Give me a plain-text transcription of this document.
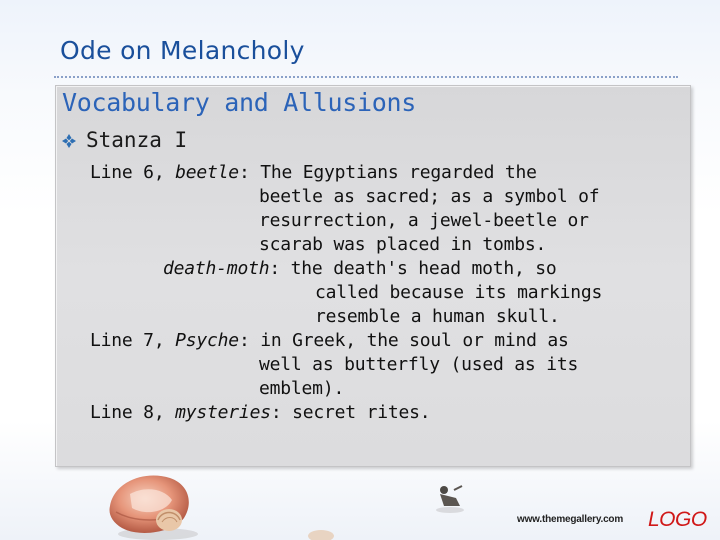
Ode on Melancholy
Vocabulary and Allusions
Stanza I
Line 6, beetle: The Egyptians regarded the
beetle as sacred; as a symbol of
resurrection, a jewel-beetle or
scarab was placed in tombs.
death-moth: the death's head moth, so
called because its markings
resemble a human skull.
Line 7, Psyche: in Greek, the soul or mind as
well as butterfly (used as its
emblem).
Line 8, mysteries: secret rites.
www.themegallery.com LOGO
